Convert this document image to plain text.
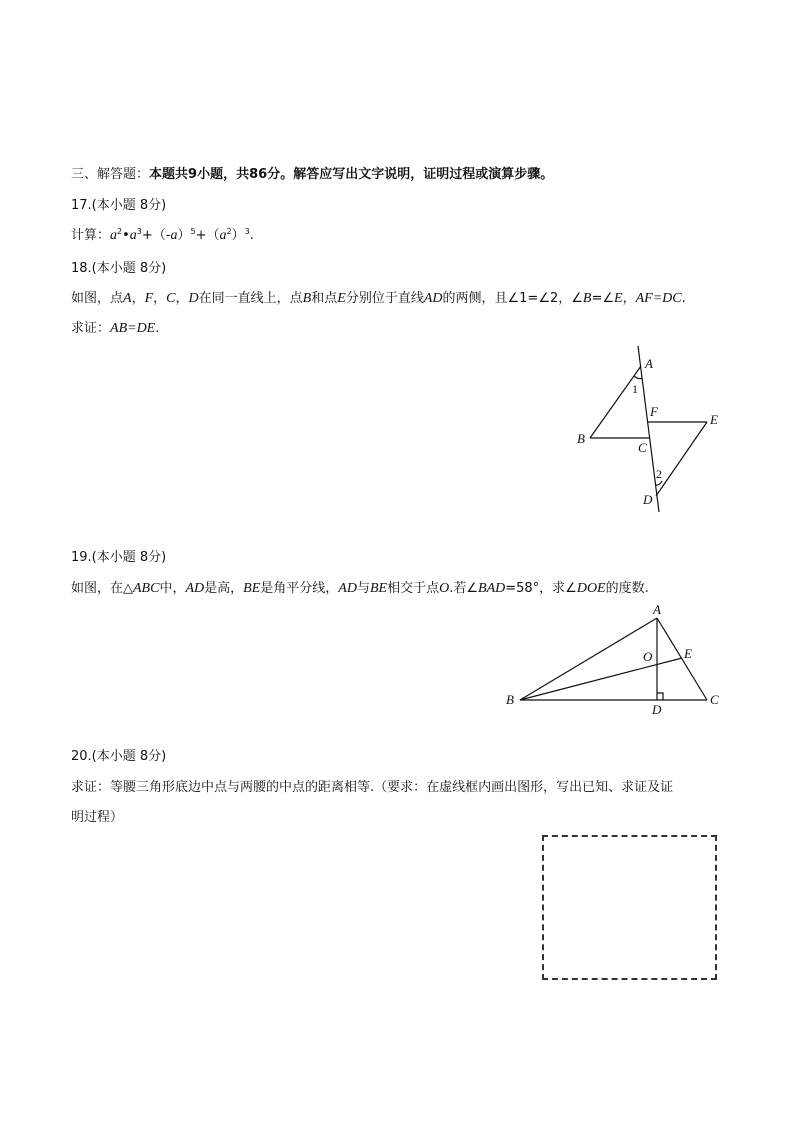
三、解答题：本题共9小题，共86分。解答应写出文字说明，证明过程或演算步骤。
17.(本小题 8分)
计算：$a^2•a^3+(-a)^5+(a^2)^3$.
18.(本小题 8分)
如图，点A，F，C，D在同一直线上，点B和点E分别位于直线AD的两侧，且∠1=∠2，∠B=∠E，AF=DC.
求证：AB=DE.
A
1
F
E
B
C
2
D
19.(本小题 8分)
如图，在△ABC中，AD是高，BE是角平分线，AD与BE相交于点O.若∠BAD=58°，求∠DOE的度数.
A
O E
B
D
C
20.(本小题 8分)
求证：等腰三角形底边中点与两腰的中点的距离相等.（要求：在虚线框内画出图形，写出已知、求证及证
明过程）
